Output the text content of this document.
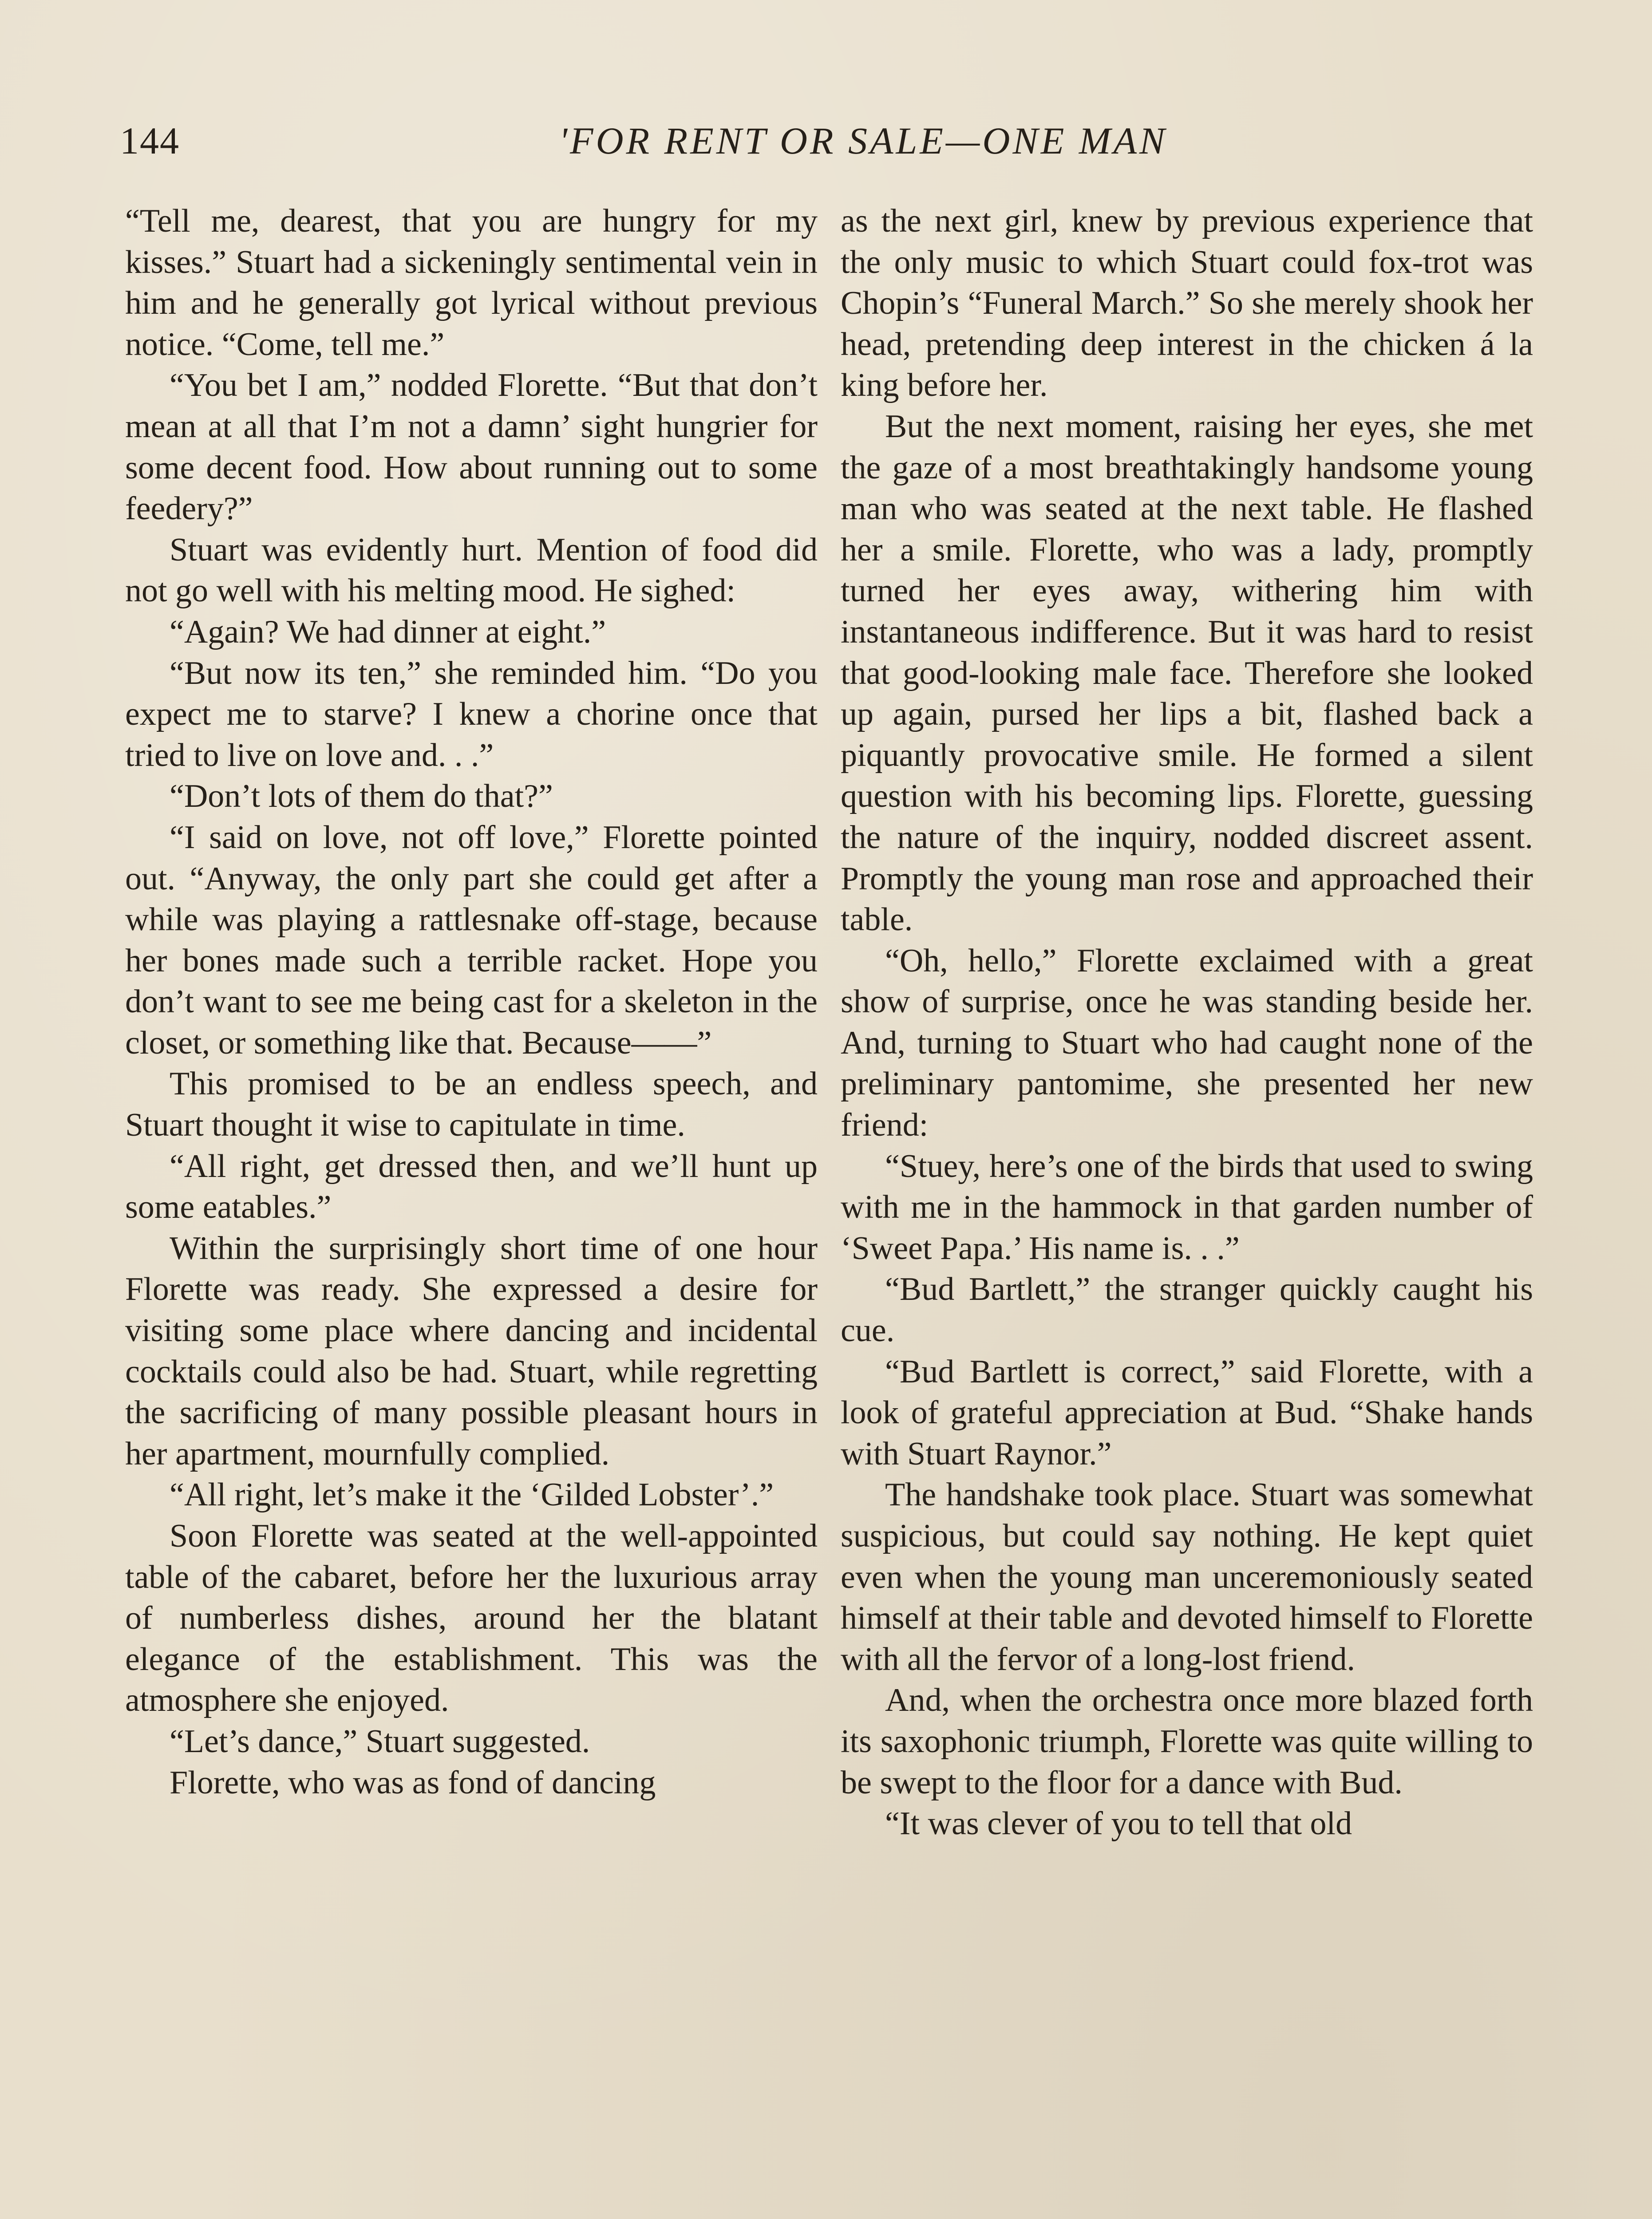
144	'FOR RENT OR SALE—ONE MAN

“Tell me, dearest, that you are hungry for my kisses.” Stuart had a sickeningly sentimental vein in him and he generally got lyrical without previous notice. “Come, tell me.”

“You bet I am,” nodded Florette. “But that don’t mean at all that I’m not a damn’ sight hungrier for some decent food. How about running out to some feedery?”

Stuart was evidently hurt. Mention of food did not go well with his melting mood. He sighed:

“Again? We had dinner at eight.”

“But now its ten,” she reminded him. “Do you expect me to starve? I knew a chorine once that tried to live on love and. . .”

“Don’t lots of them do that?”

“I said on love, not off love,” Florette pointed out. “Anyway, the only part she could get after a while was playing a rattlesnake off-stage, because her bones made such a terrible racket. Hope you don’t want to see me being cast for a skeleton in the closet, or something like that. Because——”

This promised to be an endless speech, and Stuart thought it wise to capitulate in time.

“All right, get dressed then, and we’ll hunt up some eatables.”

Within the surprisingly short time of one hour Florette was ready. She expressed a desire for visiting some place where dancing and incidental cocktails could also be had. Stuart, while regretting the sacrificing of many possible pleasant hours in her apartment, mournfully complied.

“All right, let’s make it the ‘Gilded Lobster’.”

Soon Florette was seated at the well-appointed table of the cabaret, before her the luxurious array of numberless dishes, around her the blatant elegance of the establishment. This was the atmosphere she enjoyed.

“Let’s dance,” Stuart suggested.

Florette, who was as fond of dancing

as the next girl, knew by previous experience that the only music to which Stuart could fox-trot was Chopin’s “Funeral March.” So she merely shook her head, pretending deep interest in the chicken á la king before her.

But the next moment, raising her eyes, she met the gaze of a most breathtakingly handsome young man who was seated at the next table. He flashed her a smile. Florette, who was a lady, promptly turned her eyes away, withering him with instantaneous indifference. But it was hard to resist that good-looking male face. Therefore she looked up again, pursed her lips a bit, flashed back a piquantly provocative smile. He formed a silent question with his becoming lips. Florette, guessing the nature of the inquiry, nodded discreet assent. Promptly the young man rose and approached their table.

“Oh, hello,” Florette exclaimed with a great show of surprise, once he was standing beside her. And, turning to Stuart who had caught none of the preliminary pantomime, she presented her new friend:

“Stuey, here’s one of the birds that used to swing with me in the hammock in that garden number of ‘Sweet Papa.’ His name is. . .”

“Bud Bartlett,” the stranger quickly caught his cue.

“Bud Bartlett is correct,” said Florette, with a look of grateful appreciation at Bud. “Shake hands with Stuart Raynor.”

The handshake took place. Stuart was somewhat suspicious, but could say nothing. He kept quiet even when the young man unceremoniously seated himself at their table and devoted himself to Florette with all the fervor of a long-lost friend.

And, when the orchestra once more blazed forth its saxophonic triumph, Florette was quite willing to be swept to the floor for a dance with Bud.

“It was clever of you to tell that old
